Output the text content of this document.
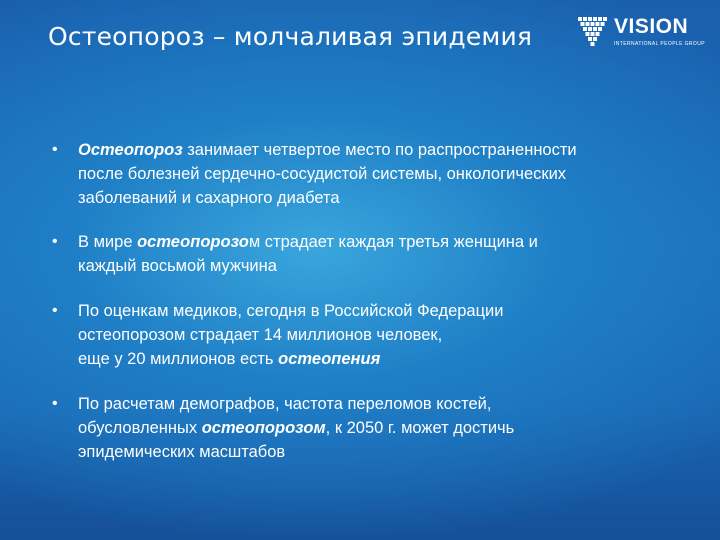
Остеопороз – молчаливая эпидемия	VISION
INTERNATIONAL PEOPLE GROUP
• Остеопороз занимает четвертое место по распространенности
после болезней сердечно-сосудистой системы, онкологических
заболеваний и сахарного диабета

• В мире остеопорозом страдает каждая третья женщина и
каждый восьмой мужчина

• По оценкам медиков, сегодня в Российской Федерации
остеопорозом страдает 14 миллионов человек,
еще у 20 миллионов есть остеопения

• По расчетам демографов, частота переломов костей,
обусловленных остеопорозом, к 2050 г. может достичь
эпидемических масштабов
